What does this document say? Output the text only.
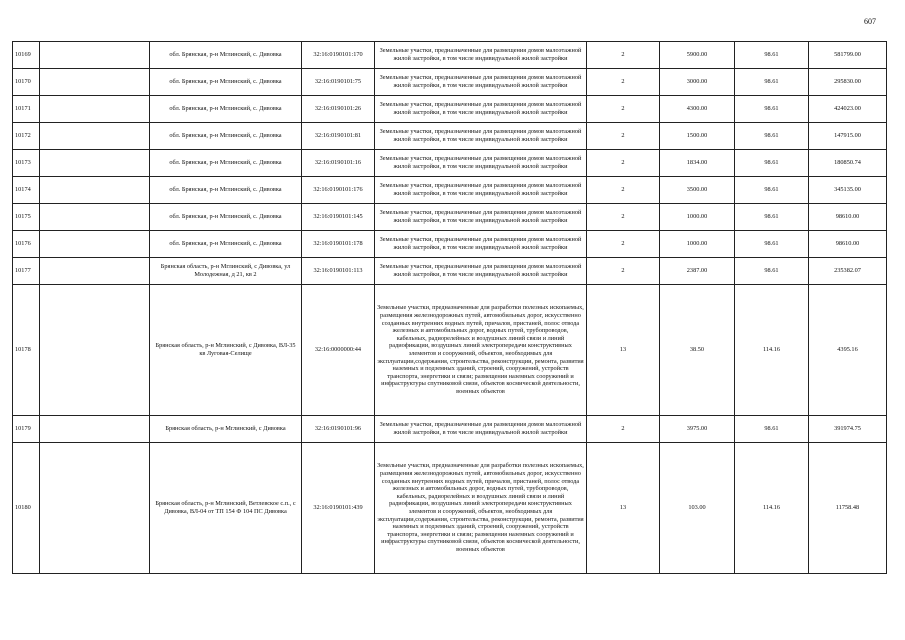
607
10169		обл. Брянская, р-н Мглинский, с. Дивовка	32:16:0190101:170	Земельные участки, предназначенные для размещения домов малоэтажной жилой застройки, в том числе индивидуальной жилой застройки	2	5900.00	98.61	581799.00
10170		обл. Брянская, р-н Мглинский, с. Дивовка	32:16:0190101:75	Земельные участки, предназначенные для размещения домов малоэтажной жилой застройки, в том числе индивидуальной жилой застройки	2	3000.00	98.61	295830.00
10171		обл. Брянская, р-н Мглинский, с. Дивовка	32:16:0190101:26	Земельные участки, предназначенные для размещения домов малоэтажной жилой застройки, в том числе индивидуальной жилой застройки	2	4300.00	98.61	424023.00
10172		обл. Брянская, р-н Мглинский, с. Дивовка	32:16:0190101:81	Земельные участки, предназначенные для размещения домов малоэтажной жилой застройки, в том числе индивидуальной жилой застройки	2	1500.00	98.61	147915.00
10173		обл. Брянская, р-н Мглинский, с. Дивовка	32:16:0190101:16	Земельные участки, предназначенные для размещения домов малоэтажной жилой застройки, в том числе индивидуальной жилой застройки	2	1834.00	98.61	180850.74
10174		обл. Брянская, р-н Мглинский, с. Дивовка	32:16:0190101:176	Земельные участки, предназначенные для размещения домов малоэтажной жилой застройки, в том числе индивидуальной жилой застройки	2	3500.00	98.61	345135.00
10175		обл. Брянская, р-н Мглинский, с. Дивовка	32:16:0190101:145	Земельные участки, предназначенные для размещения домов малоэтажной жилой застройки, в том числе индивидуальной жилой застройки	2	1000.00	98.61	98610.00
10176		обл. Брянская, р-н Мглинский, с. Дивовка	32:16:0190101:178	Земельные участки, предназначенные для размещения домов малоэтажной жилой застройки, в том числе индивидуальной жилой застройки	2	1000.00	98.61	98610.00
10177		Брянская область, р-н Мглинский, с Дивовка, ул Молодежная, д 21, кв 2	32:16:0190101:113	Земельные участки, предназначенные для размещения домов малоэтажной жилой застройки, в том числе индивидуальной жилой застройки	2	2387.00	98.61	235382.07
10178		Брянская область, р-н Мглинский, с Дивовка, ВЛ-35 кв Луговая-Селище	32:16:0000000:44	Земельные участки, предназначенные для разработки полезных ископаемых, размещения железнодорожных путей, автомобильных дорог, искусственно созданных внутренних водных путей, причалов, пристаней, полос отвода железных и автомобильных дорог, водных путей, трубопроводов, кабельных, радиорелейных и воздушных линий связи и линий радиофикации, воздушных линий электропередачи конструктивных элементов и сооружений, объектов, необходимых для эксплуатации,содержания, строительства, реконструкции, ремонта, развития наземных и подземных зданий, строений, сооружений, устройств транспорта, энергетики и связи; размещения наземных сооружений и инфраструктуры спутниковой связи, объектов космической деятельности, военных объектов	13	38.50	114.16	4395.16
10179		Брянская область, р-н Мглинский, с Дивовка	32:16:0190101:96	Земельные участки, предназначенные для размещения домов малоэтажной жилой застройки, в том числе индивидуальной жилой застройки	2	3975.00	98.61	391974.75
10180		Брянская область, р-н Мглинский, Ветлевское с.п., с Дивовка, ВЛ-04 от ТП 154 Ф 104 ПС Дивовка	32:16:0190101:439	Земельные участки, предназначенные для разработки полезных ископаемых, размещения железнодорожных путей, автомобильных дорог, искусственно созданных внутренних водных путей, причалов, пристаней, полос отвода железных и автомобильных дорог, водных путей, трубопроводов, кабельных, радиорелейных и воздушных линий связи и линий радиофикации, воздушных линий электропередачи конструктивных элементов и сооружений, объектов, необходимых для эксплуатации,содержания, строительства, реконструкции, ремонта, развития наземных и подземных зданий, строений, сооружений, устройств транспорта, энергетики и связи; размещения наземных сооружений и инфраструктуры спутниковой связи, объектов космической деятельности, военных объектов	13	103.00	114.16	11758.48
